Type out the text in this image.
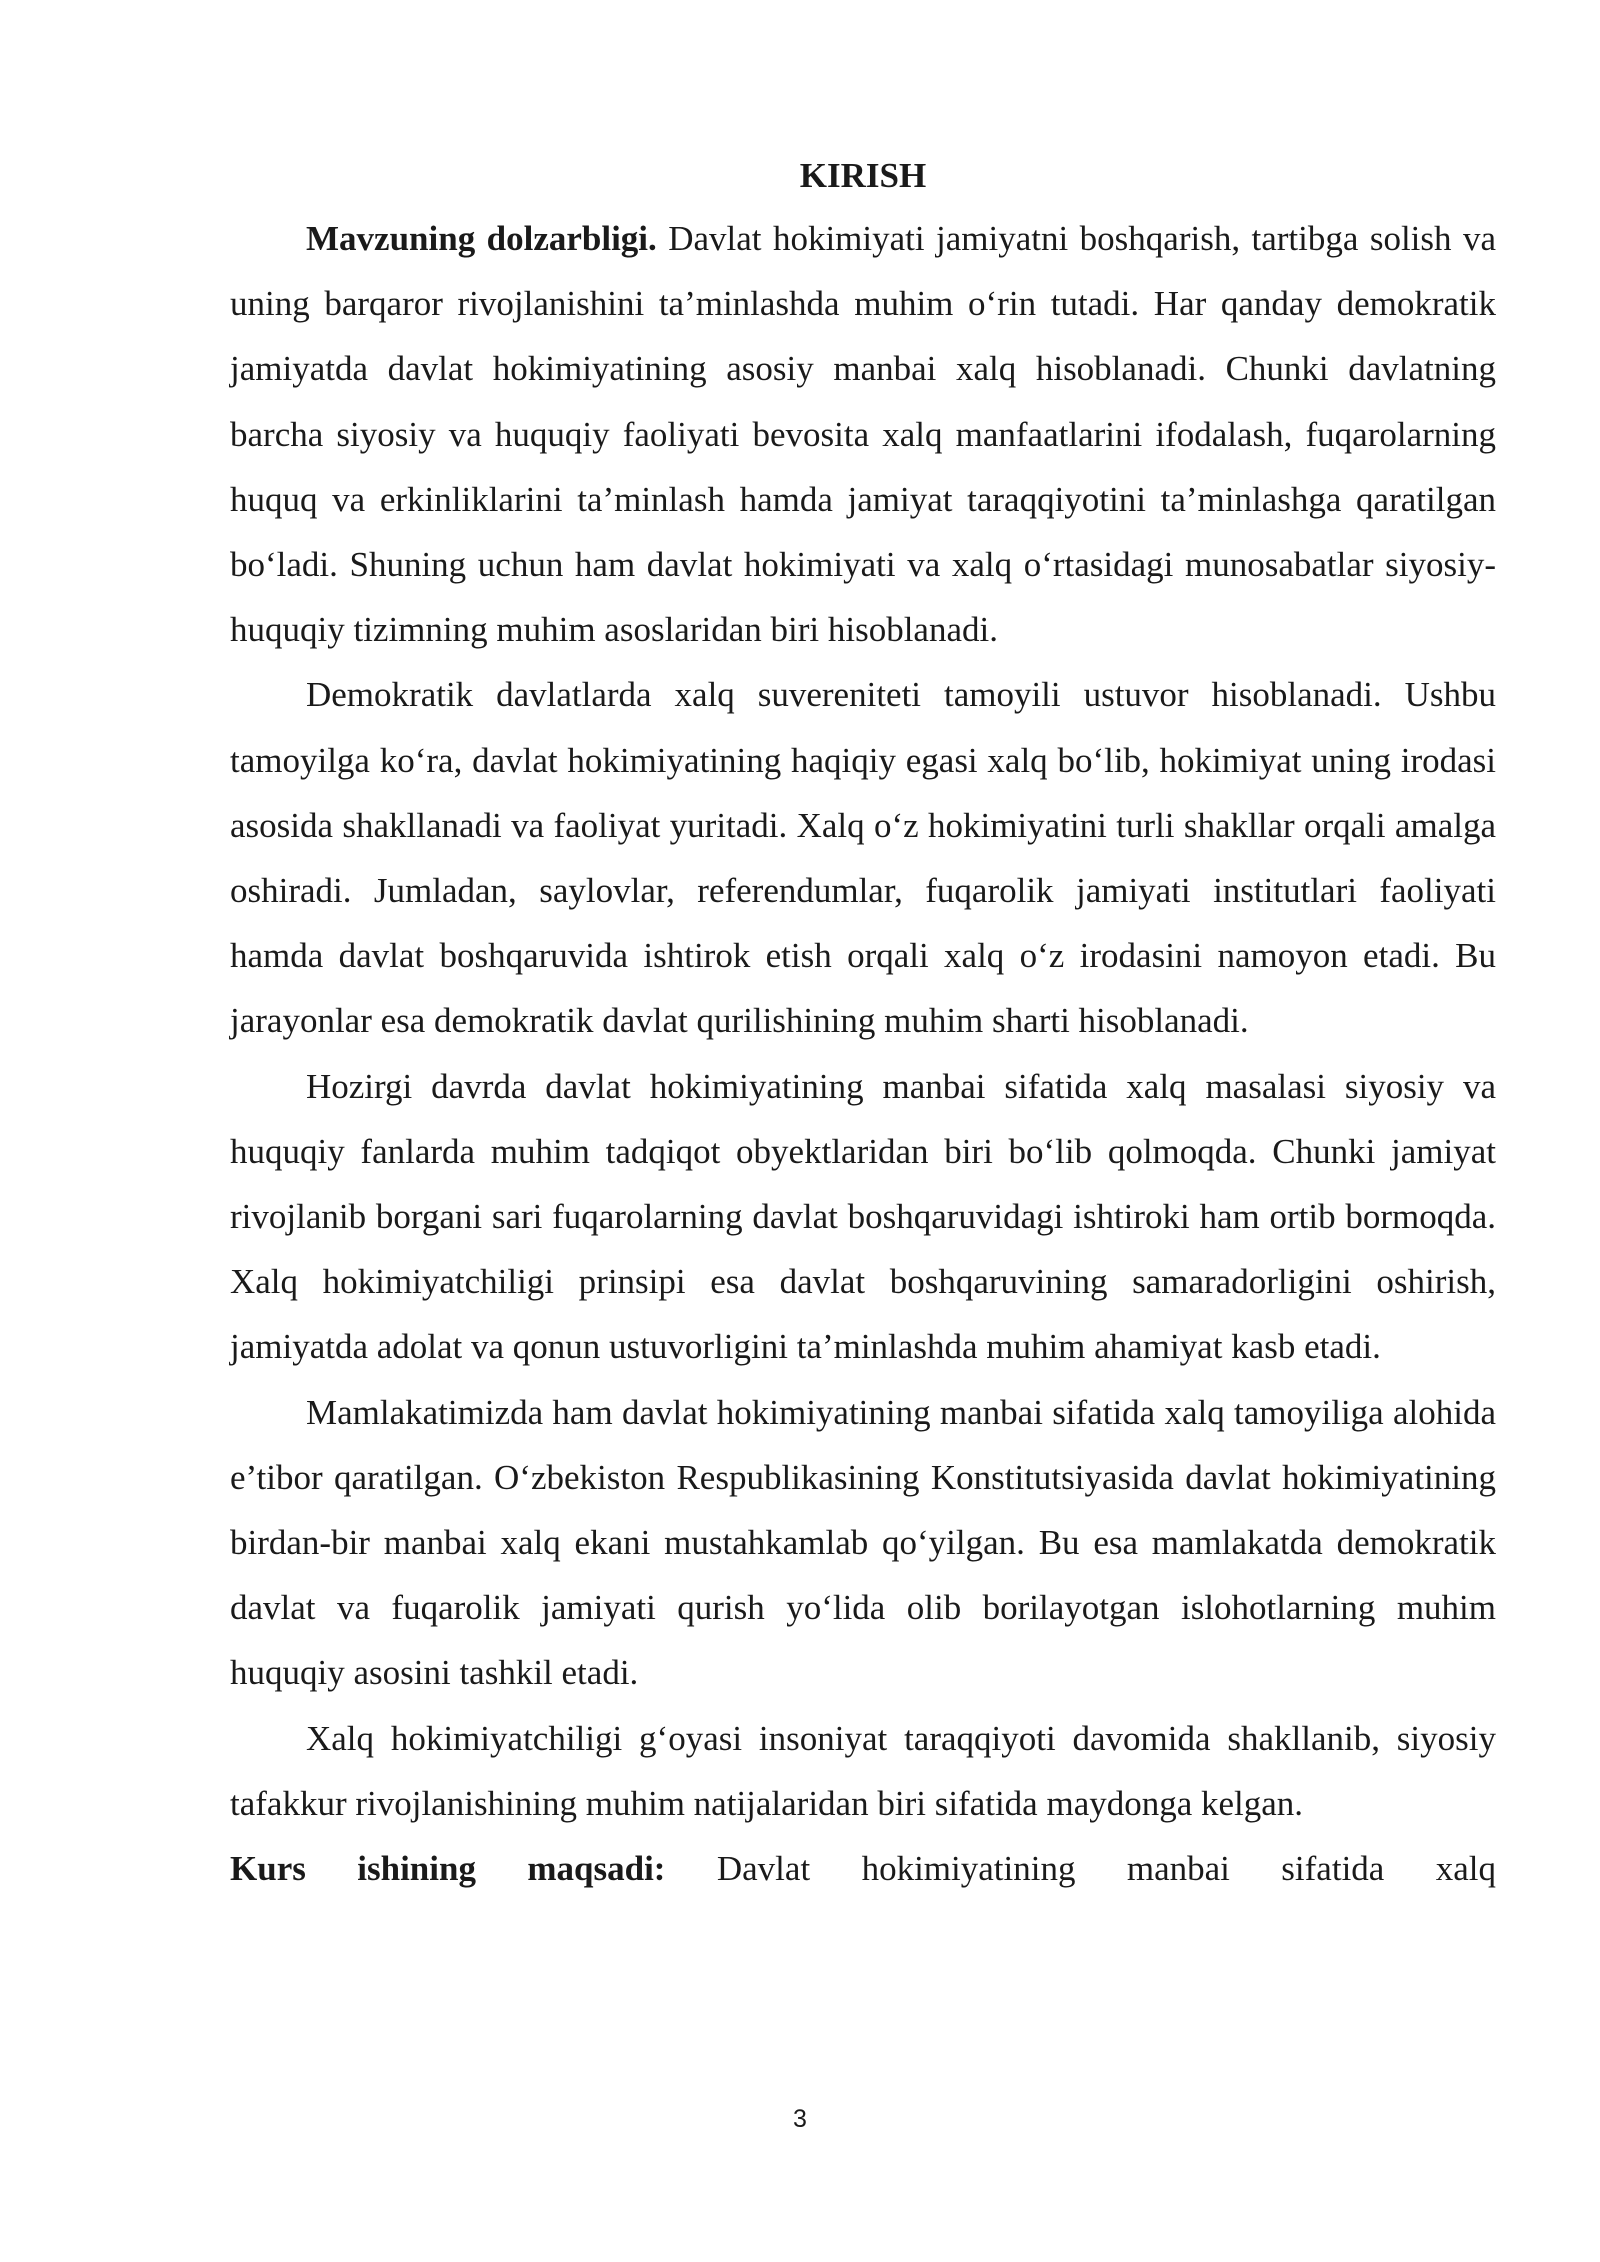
KIRISH

Mavzuning dolzarbligi. Davlat hokimiyati jamiyatni boshqarish, tartibga solish va uning barqaror rivojlanishini ta’minlashda muhim o‘rin tutadi. Har qanday demokratik jamiyatda davlat hokimiyatining asosiy manbai xalq hisoblanadi. Chunki davlatning barcha siyosiy va huquqiy faoliyati bevosita xalq manfaatlarini ifodalash, fuqarolarning huquq va erkinliklarini ta’minlash hamda jamiyat taraqqiyotini ta’minlashga qaratilgan bo‘ladi. Shuning uchun ham davlat hokimiyati va xalq o‘rtasidagi munosabatlar siyosiy-huquqiy tizimning muhim asoslaridan biri hisoblanadi.

Demokratik davlatlarda xalq suvereniteti tamoyili ustuvor hisoblanadi. Ushbu tamoyilga ko‘ra, davlat hokimiyatining haqiqiy egasi xalq bo‘lib, hokimiyat uning irodasi asosida shakllanadi va faoliyat yuritadi. Xalq o‘z hokimiyatini turli shakllar orqali amalga oshiradi. Jumladan, saylovlar, referendumlar, fuqarolik jamiyati institutlari faoliyati hamda davlat boshqaruvida ishtirok etish orqali xalq o‘z irodasini namoyon etadi. Bu jarayonlar esa demokratik davlat qurilishining muhim sharti hisoblanadi.

Hozirgi davrda davlat hokimiyatining manbai sifatida xalq masalasi siyosiy va huquqiy fanlarda muhim tadqiqot obyektlaridan biri bo‘lib qolmoqda. Chunki jamiyat rivojlanib borgani sari fuqarolarning davlat boshqaruvidagi ishtiroki ham ortib bormoqda. Xalq hokimiyatchiligi prinsipi esa davlat boshqaruvining samaradorligini oshirish, jamiyatda adolat va qonun ustuvorligini ta’minlashda muhim ahamiyat kasb etadi.

Mamlakatimizda ham davlat hokimiyatining manbai sifatida xalq tamoyiliga alohida e’tibor qaratilgan. O‘zbekiston Respublikasining Konstitutsiyasida davlat hokimiyatining birdan-bir manbai xalq ekani mustahkamlab qo‘yilgan. Bu esa mamlakatda demokratik davlat va fuqarolik jamiyati qurish yo‘lida olib borilayotgan islohotlarning muhim huquqiy asosini tashkil etadi.

Xalq hokimiyatchiligi g‘oyasi insoniyat taraqqiyoti davomida shakllanib, siyosiy tafakkur rivojlanishining muhim natijalaridan biri sifatida maydonga kelgan.

Kurs ishining maqsadi: Davlat hokimiyatining manbai sifatida xalq

3
